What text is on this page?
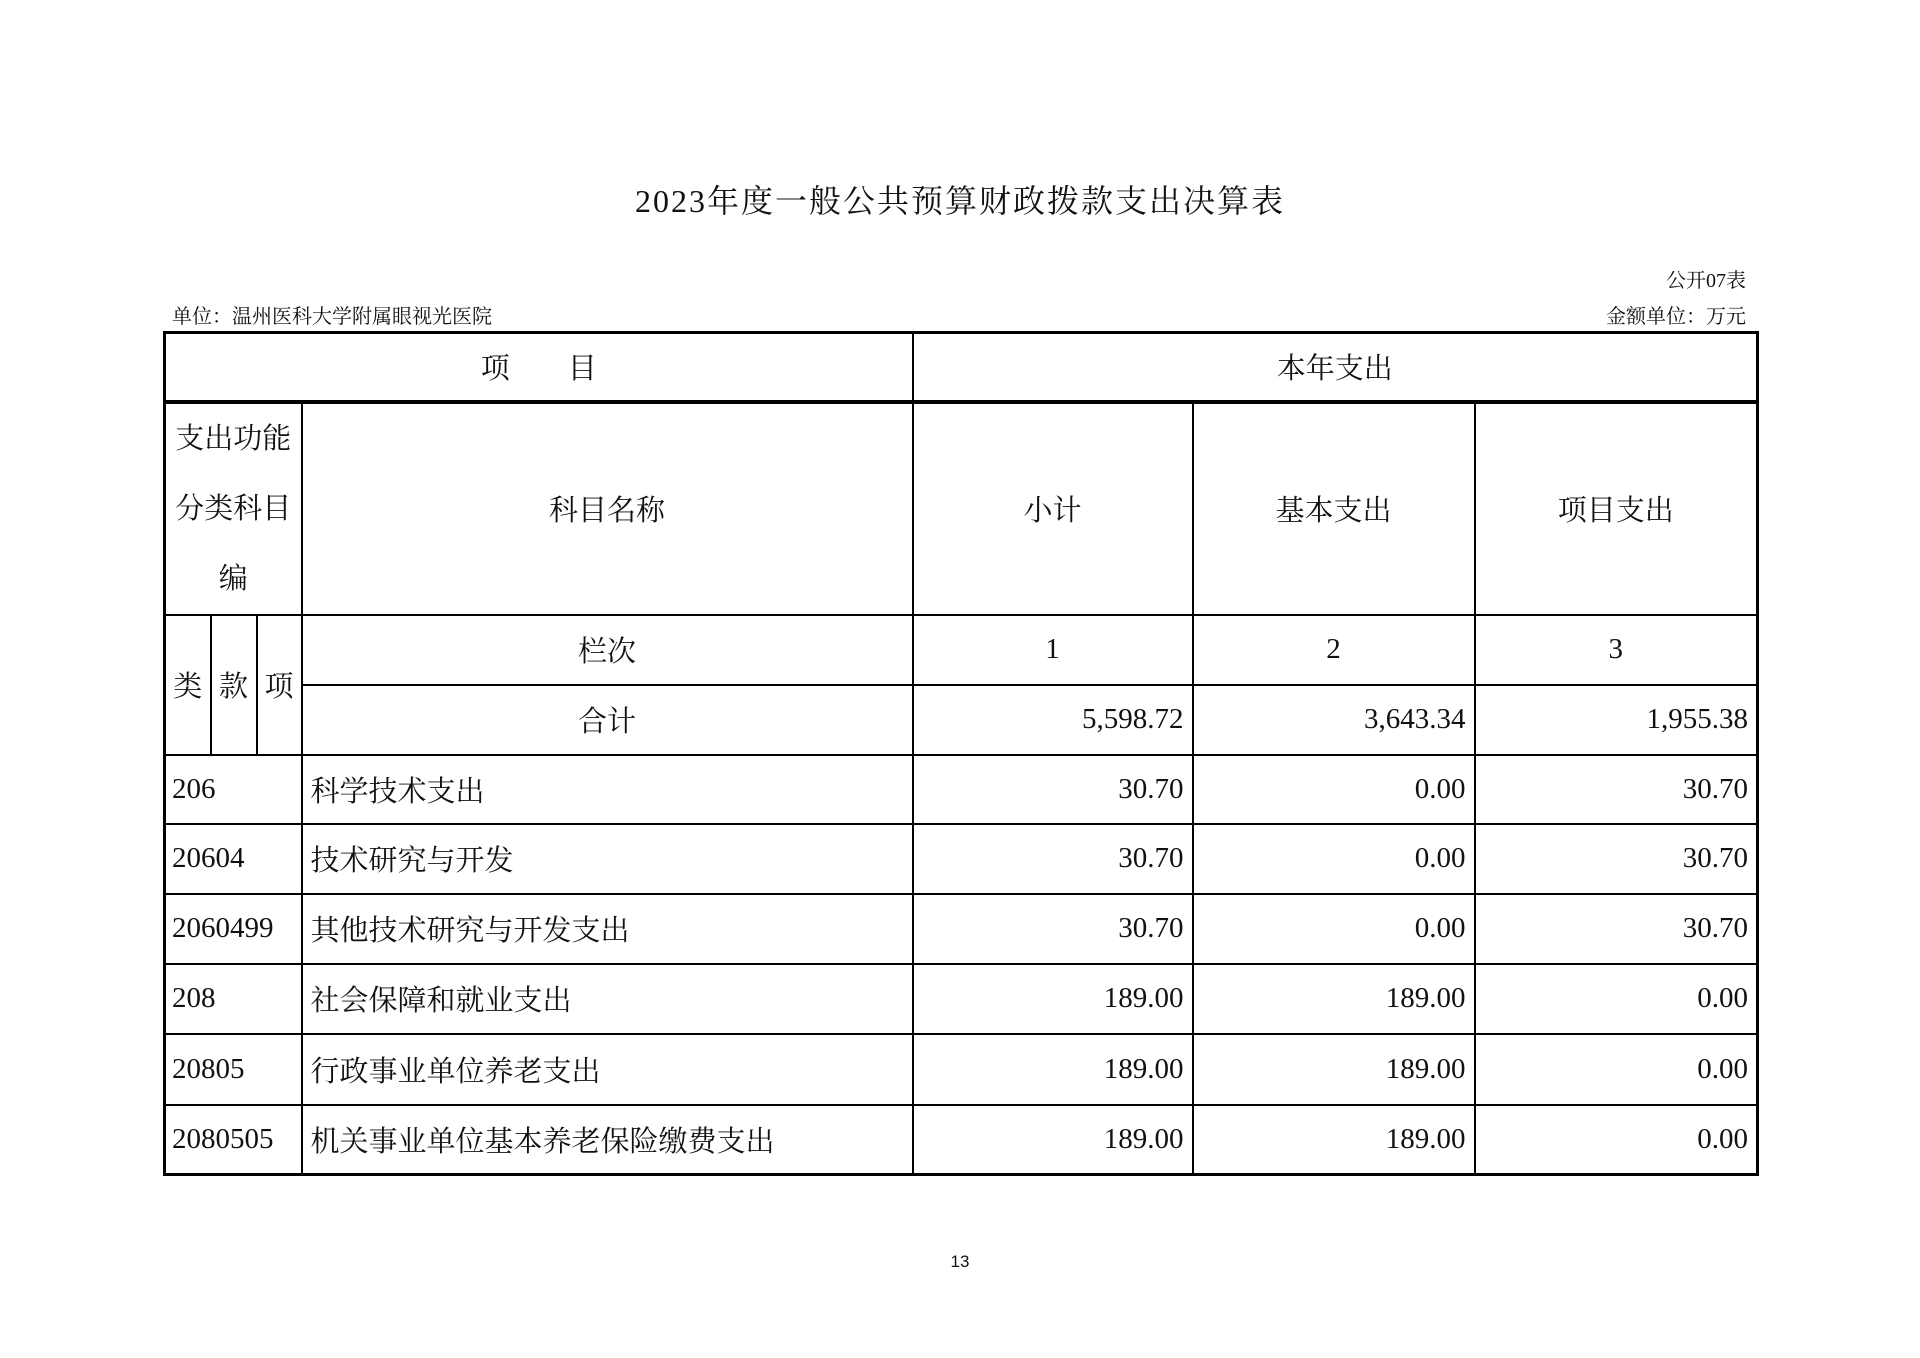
2023年度一般公共预算财政拨款支出决算表
公开07表
单位：温州医科大学附属眼视光医院	金额单位：万元
项　　目				本年支出		
支出功能分类科目编			科目名称	小计	基本支出	项目支出
类	款	项	栏次	1	2	3
			合计	5,598.72	3,643.34	1,955.38
206			科学技术支出	30.70	0.00	30.70
20604			技术研究与开发	30.70	0.00	30.70
2060499			其他技术研究与开发支出	30.70	0.00	30.70
208			社会保障和就业支出	189.00	189.00	0.00
20805			行政事业单位养老支出	189.00	189.00	0.00
2080505			机关事业单位基本养老保险缴费支出	189.00	189.00	0.00
13
